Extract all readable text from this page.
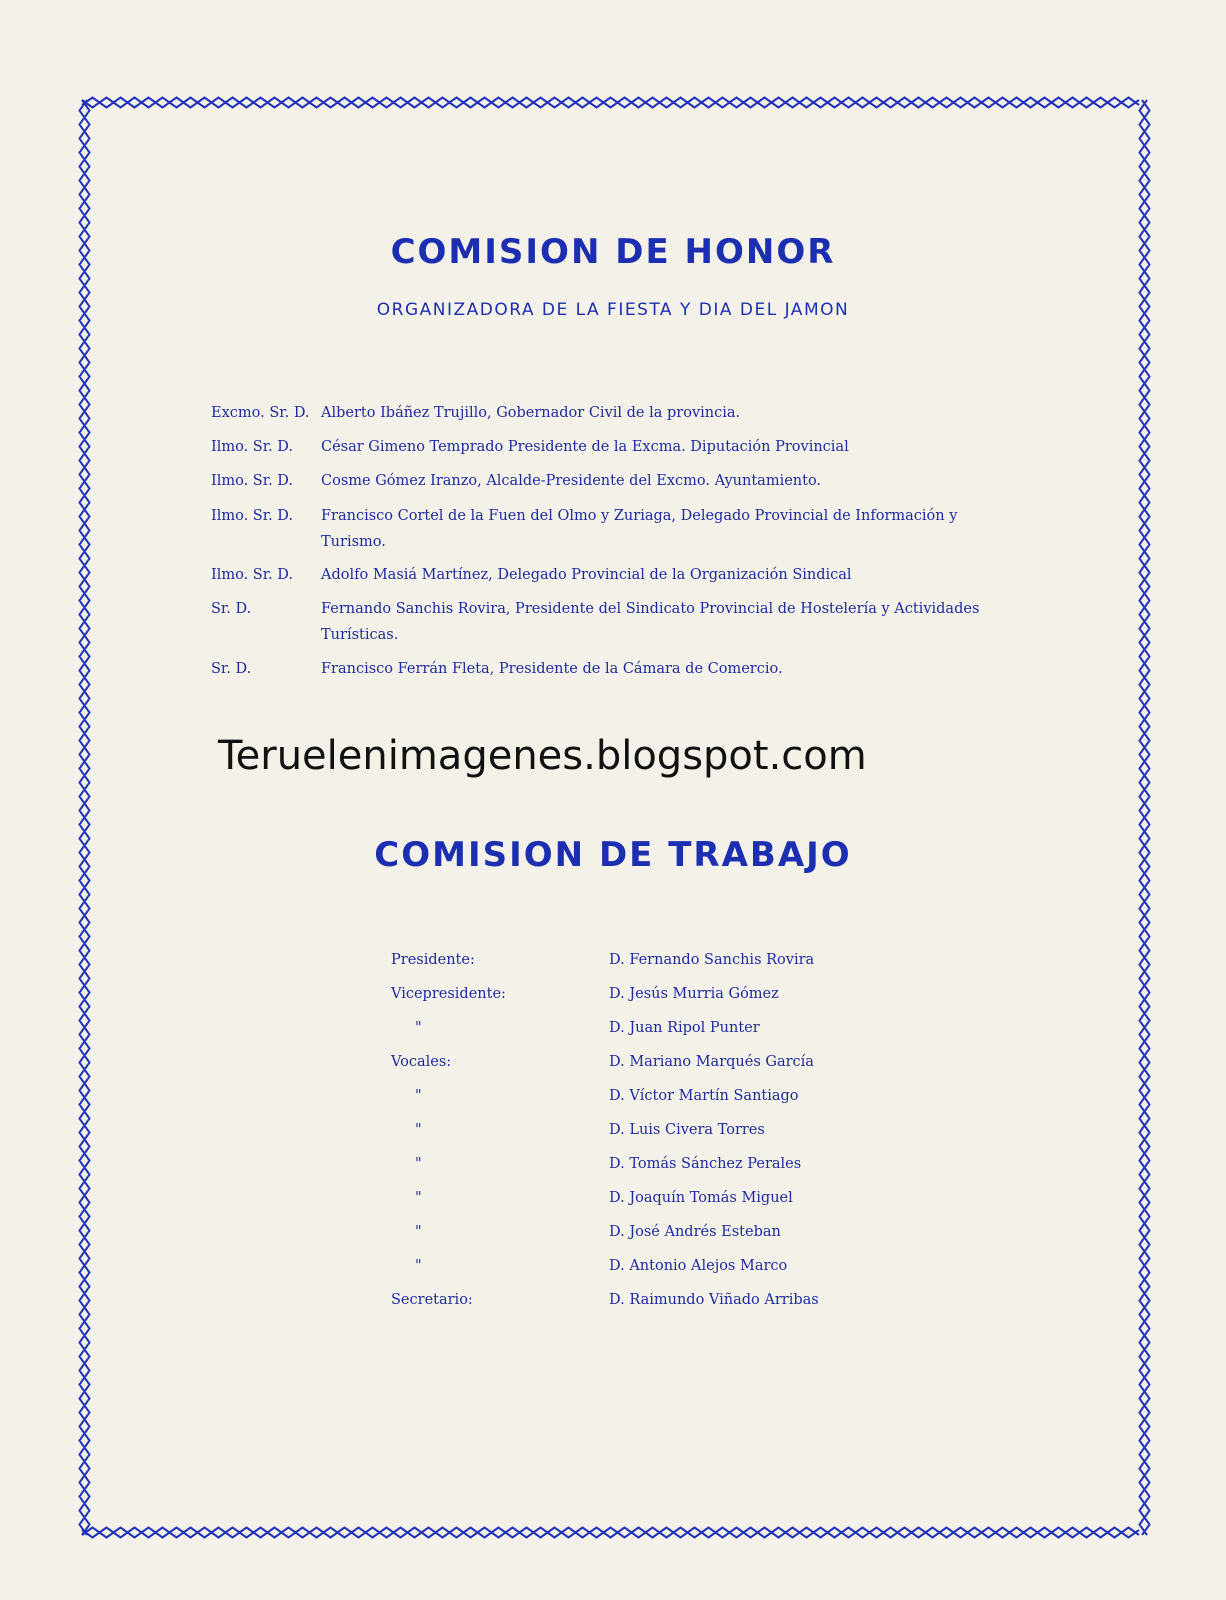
COMISION DE HONOR
ORGANIZADORA DE LA FIESTA Y DIA DEL JAMON
Excmo. Sr. D. Alberto Ibáñez Trujillo, Gobernador Civil de la provincia.
Ilmo. Sr. D. César Gimeno Temprado Presidente de la Excma. Diputación Provincial
Ilmo. Sr. D. Cosme Gómez Iranzo, Alcalde-Presidente del Excmo. Ayuntamiento.
Ilmo. Sr. D. Francisco Cortel de la Fuen del Olmo y Zuriaga, Delegado Provincial de Información y Turismo.
Ilmo. Sr. D. Adolfo Masiá Martínez, Delegado Provincial de la Organización Sindical
Sr. D.	Fernando Sanchis Rovira, Presidente del Sindicato Provincial de Hostelería y Actividades Turísticas.
Sr. D.	Francisco Ferrán Fleta, Presidente de la Cámara de Comercio.
Teruelenimagenes.blogspot.com
COMISION DE TRABAJO
Presidente:	D. Fernando Sanchis Rovira
Vicepresidente:	D. Jesús Murria Gómez
"	D. Juan Ripol Punter
Vocales:	D. Mariano Marqués García
"	D. Víctor Martín Santiago
"	D. Luis Civera Torres
"	D. Tomás Sánchez Perales
"	D. Joaquín Tomás Miguel
"	D. José Andrés Esteban
"	D. Antonio Alejos Marco
Secretario:	D. Raimundo Viñado Arribas
